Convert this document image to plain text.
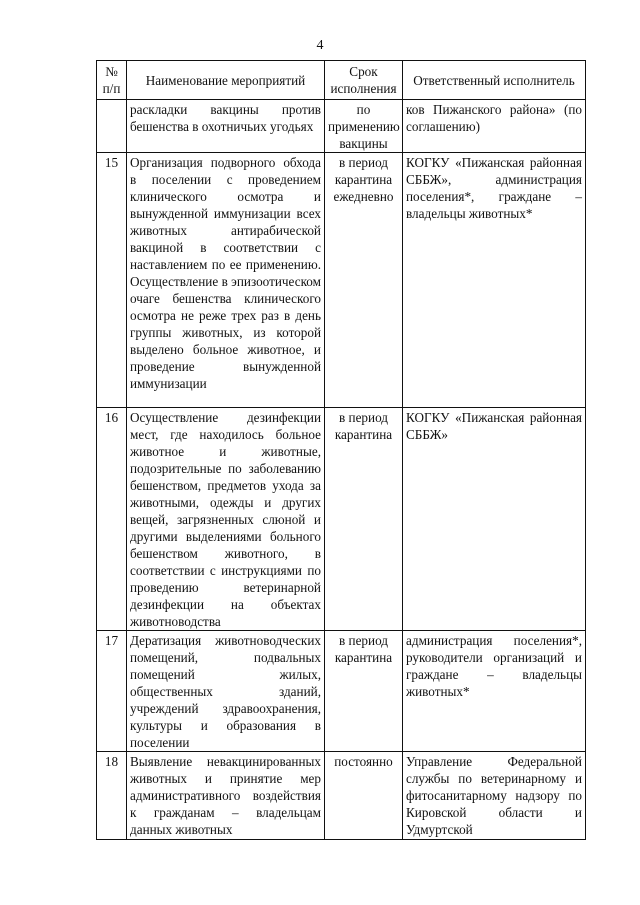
4
№ п/п	Наименование мероприятий	Срок исполнения	Ответственный исполнитель
	раскладки вакцины против бешенства в охотничьих угодьях	по применению вакцины	ков Пижанского района» (по соглашению)
15	Организация подворного обхода в поселении с проведением клинического осмотра и вынужденной иммунизации всех животных антирабической вакциной в соответствии с наставлением по ее применению. Осуществление в эпизоотическом очаге бешенства клинического осмотра не реже трех раз в день группы животных, из которой выделено больное животное, и проведение вынужденной иммунизации	в период карантина ежедневно	КОГКУ «Пижанская районная СББЖ», администрация поселения*, граждане – владельцы животных*
16	Осуществление дезинфекции мест, где находилось больное животное и животные, подозрительные по заболеванию бешенством, предметов ухода за животными, одежды и других вещей, загрязненных слюной и другими выделениями больного бешенством животного, в соответствии с инструкциями по проведению ветеринарной дезинфекции на объектах животноводства	в период карантина	КОГКУ «Пижанская районная СББЖ»
17	Дератизация животноводческих помещений, подвальных помещений жилых, общественных зданий, учреждений здравоохранения, культуры и образования в поселении	в период карантина	администрация поселения*, руководители организаций и граждане – владельцы животных*
18	Выявление невакцинированных животных и принятие мер административного воздействия к гражданам – владельцам данных животных	постоянно	Управление Федеральной службы по ветеринарному и фитосанитарному надзору по Кировской области и Удмуртской
